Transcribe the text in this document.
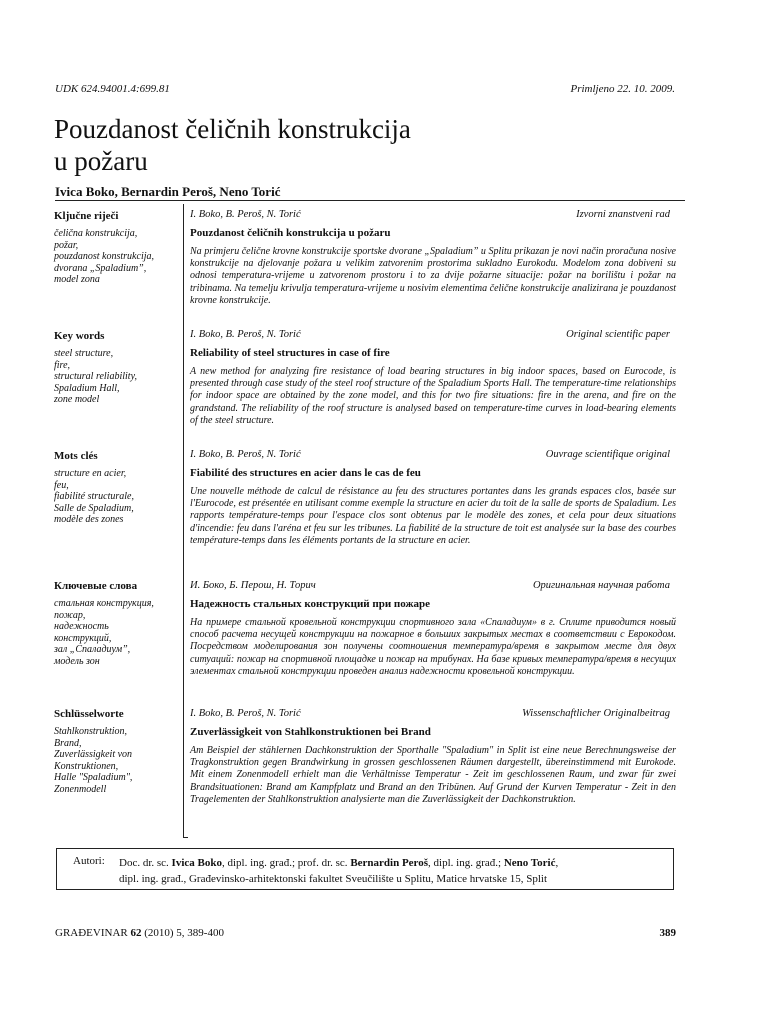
UDK 624.94001.4:699.81	Primljeno 22. 10. 2009.
Pouzdanost čeličnih konstrukcija
u požaru
Ivica Boko, Bernardin Peroš, Neno Torić
Ključne riječi
čelična konstrukcija,
požar,
pouzdanost konstrukcija,
dvorana „Spaladium”,
model zona
I. Boko, B. Peroš, N. Torić	Izvorni znanstveni rad
Pouzdanost čeličnih konstrukcija u požaru
Na primjeru čelične krovne konstrukcije sportske dvorane „Spaladium” u Splitu prikazan je novi način proračuna nosive konstrukcije na djelovanje požara u velikim zatvorenim prostorima sukladno Eurokodu. Modelom zona dobiveni su odnosi temperatura-vrijeme u zatvorenom prostoru i to za dvije požarne situacije: požar na borilištu i požar na tribinama. Na temelju krivulja temperatura-vrijeme u nosivim elementima čelične konstrukcije analizirana je pouzdanost krovne konstrukcije.
Key words
steel structure,
fire,
structural reliability,
Spaladium Hall,
zone model
I. Boko, B. Peroš, N. Torić	Original scientific paper
Reliability of steel structures in case of fire
A new method for analyzing fire resistance of load bearing structures in big indoor spaces, based on Eurocode, is presented through case study of the steel roof structure of the Spaladium Sports Hall. The temperature-time relationships for indoor space are obtained by the zone model, and this for two fire situations: fire in the arena, and fire on the grandstand. The reliability of the roof structure is analysed based on temperature-time curves in load-bearing elements of the steel structure.
Mots clés
structure en acier,
feu,
fiabilité structurale,
Salle de Spaladium,
modèle des zones
I. Boko, B. Peroš, N. Torić	Ouvrage scientifique original
Fiabilité des structures en acier dans le cas de feu
Une nouvelle méthode de calcul de résistance au feu des structures portantes dans les grands espaces clos, basée sur l'Eurocode, est présentée en utilisant comme exemple la structure en acier du toit de la salle de sports de Spaladium. Les rapports température-temps pour l'espace clos sont obtenus par le modèle des zones, et cela pour deux situations d'incendie: feu dans l'aréna et feu sur les tribunes. La fiabilité de la structure de toit est analysée sur la base des courbes température-temps dans les éléments portants de la structure en acier.
Ключевые слова
стальная конструкция,
пожар,
надежность
конструкций,
зал „Спаладиум”,
модель зон
И. Боко, Б. Перош, Н. Торич	Оригинальная научная работа
Надежность стальных конструкций при пожаре
На примере стальной кровельной конструкции спортивного зала «Спаладиум» в г. Сплите приводится новый способ расчета несущей конструкции на пожарное в больших закрытых местах в соответствии с Еврокодом. Посредством моделирования зон получены соотношения температура/время в закрытом месте для двух ситуаций: пожар на спортивной площадке и пожар на трибунах. На базе кривых температура/время в несущих элементах стальной конструкции проведен анализ надежности кровельной конструкции.
Schlüsselworte
Stahlkonstruktion,
Brand,
Zuverlässigkeit von
Konstruktionen,
Halle "Spaladium",
Zonenmodell
I. Boko, B. Peroš, N. Torić	Wissenschaftlicher Originalbeitrag
Zuverlässigkeit von Stahlkonstruktionen bei Brand
Am Beispiel der stählernen Dachkonstruktion der Sporthalle "Spaladium" in Split ist eine neue Berechnungsweise der Tragkonstruktion gegen Brandwirkung in grossen geschlossenen Räumen dargestellt, übereinstimmend mit Eurokode. Mit einem Zonenmodell erhielt man die Verhältnisse Temperatur - Zeit im geschlossenen Raum, und zwar für zwei Brandsituationen: Brand am Kampfplatz und Brand an den Tribünen. Auf Grund der Kurven Temperatur - Zeit in den Tragelementen der Stahlkonstruktion analysierte man die Zuverlässigkeit der Dachkonstruktion.
Autori: Doc. dr. sc. Ivica Boko, dipl. ing. građ.; prof. dr. sc. Bernardin Peroš, dipl. ing. građ.; Neno Torić,
dipl. ing. građ., Građevinsko-arhitektonski fakultet Sveučilište u Splitu, Matice hrvatske 15, Split
GRAĐEVINAR 62 (2010) 5, 389-400	389
